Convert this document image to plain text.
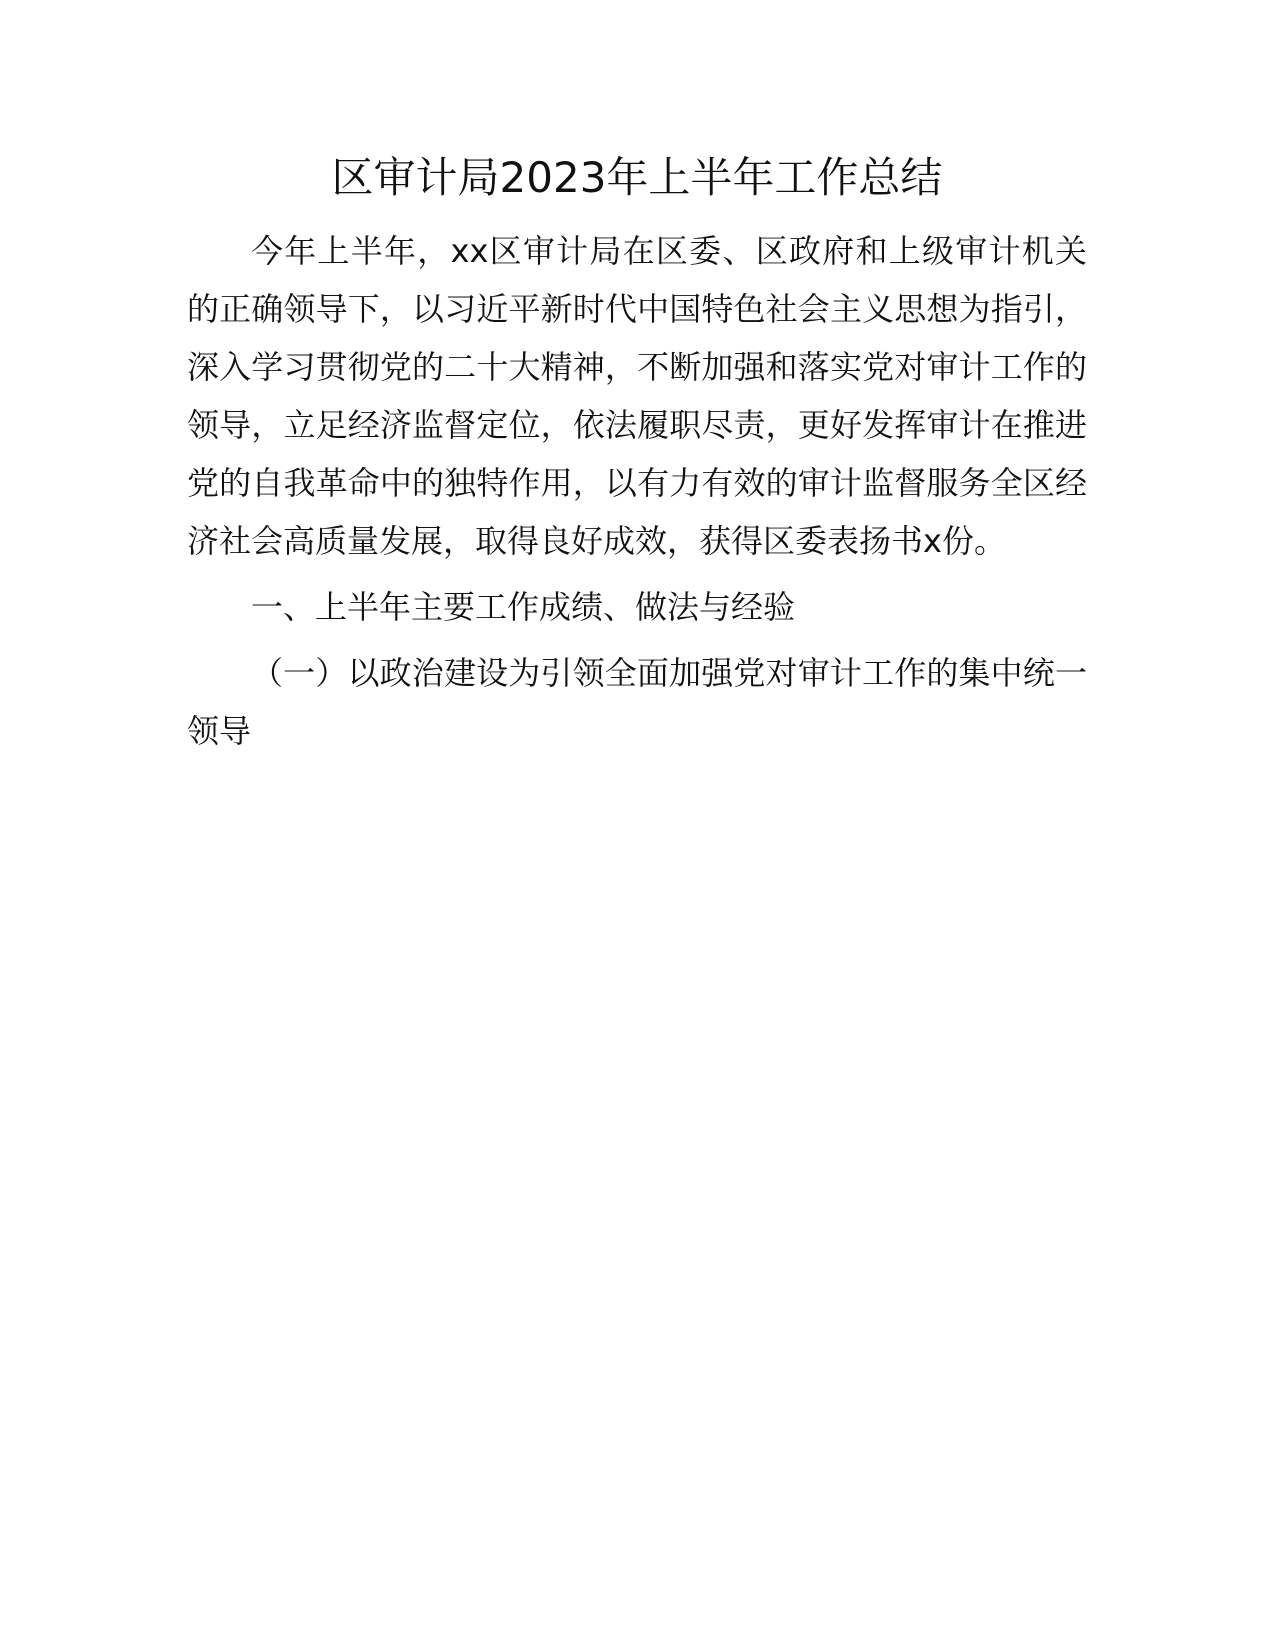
区审计局2023年上半年工作总结

今年上半年，xx区审计局在区委、区政府和上级审计机关的正确领导下，以习近平新时代中国特色社会主义思想为指引，深入学习贯彻党的二十大精神，不断加强和落实党对审计工作的领导，立足经济监督定位，依法履职尽责，更好发挥审计在推进党的自我革命中的独特作用，以有力有效的审计监督服务全区经济社会高质量发展，取得良好成效，获得区委表扬书x份。

一、上半年主要工作成绩、做法与经验
（一）以政治建设为引领全面加强党对审计工作的集中统一领导
